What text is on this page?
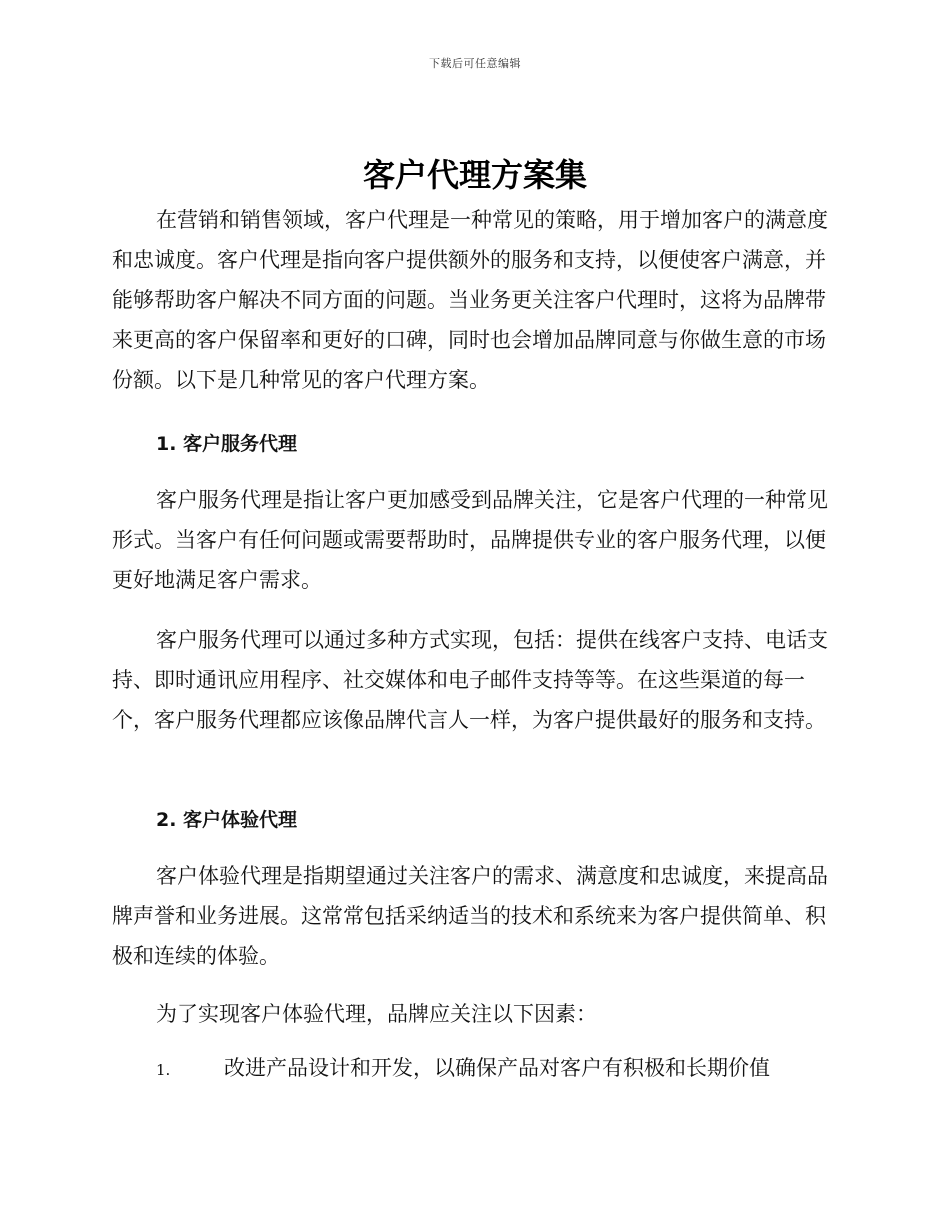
下载后可任意编辑
客户代理方案集

在营销和销售领域，客户代理是一种常见的策略，用于增加客户的满意度和忠诚度。客户代理是指向客户提供额外的服务和支持，以便使客户满意，并能够帮助客户解决不同方面的问题。当业务更关注客户代理时，这将为品牌带来更高的客户保留率和更好的口碑，同时也会增加品牌同意与你做生意的市场份额。以下是几种常见的客户代理方案。

1. 客户服务代理

客户服务代理是指让客户更加感受到品牌关注，它是客户代理的一种常见形式。当客户有任何问题或需要帮助时，品牌提供专业的客户服务代理，以便更好地满足客户需求。

客户服务代理可以通过多种方式实现，包括：提供在线客户支持、电话支持、即时通讯应用程序、社交媒体和电子邮件支持等等。在这些渠道的每一个，客户服务代理都应该像品牌代言人一样，为客户提供最好的服务和支持。

2. 客户体验代理

客户体验代理是指期望通过关注客户的需求、满意度和忠诚度，来提高品牌声誉和业务进展。这常常包括采纳适当的技术和系统来为客户提供简单、积极和连续的体验。

为了实现客户体验代理，品牌应关注以下因素：

1.	改进产品设计和开发，以确保产品对客户有积极和长期价值
